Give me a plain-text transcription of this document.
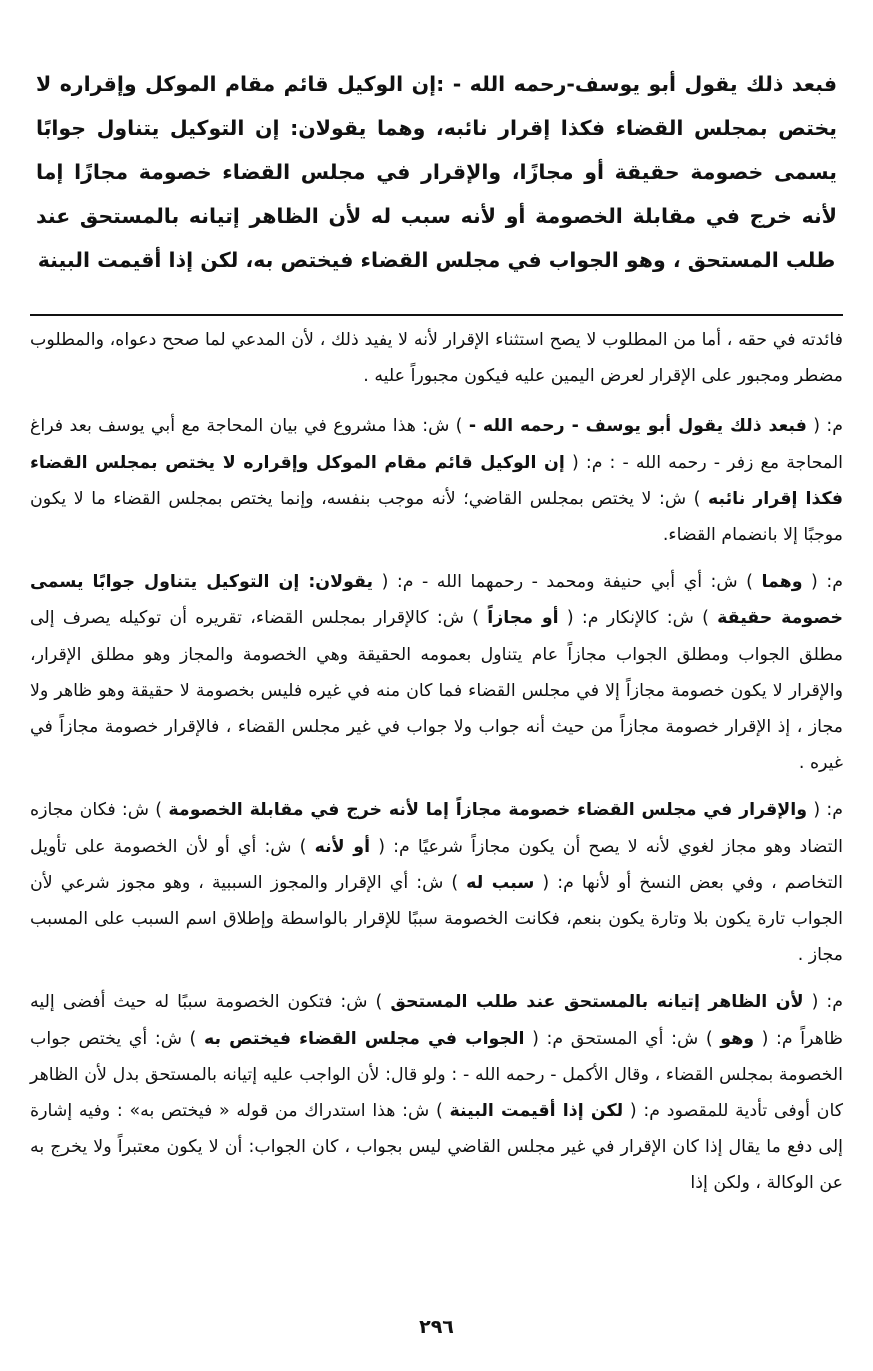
فبعد ذلك يقول أبو يوسف-رحمه الله - :إن الوكيل قائم مقام الموكل وإقراره لا يختص بمجلس القضاء فكذا إقرار نائبه، وهما يقولان: إن التوكيل يتناول جوابًا يسمى خصومة حقيقة أو مجازًا، والإقرار في مجلس القضاء خصومة مجازًا إما لأنه خرج في مقابلة الخصومة أو لأنه سبب له لأن الظاهر إتيانه بالمستحق عند طلب المستحق ، وهو الجواب في مجلس القضاء فيختص به، لكن إذا أقيمت البينة

فائدته في حقه ، أما من المطلوب لا يصح استثناء الإقرار لأنه لا يفيد ذلك ، لأن المدعي لما صحح دعواه، والمطلوب مضطر ومجبور على الإقرار لعرض اليمين عليه فيكون مجبوراً عليه .

م: ( فبعد ذلك يقول أبو يوسف - رحمه الله - ) ش: هذا مشروع في بيان المحاجة مع أبي يوسف بعد فراغ المحاجة مع زفر - رحمه الله - : م: ( إن الوكيل قائم مقام الموكل وإقراره لا يختص بمجلس القضاء فكذا إقرار نائبه ) ش: لا يختص بمجلس القاضي؛ لأنه موجب بنفسه، وإنما يختص بمجلس القضاء ما لا يكون موجبًا إلا بانضمام القضاء.

م: ( وهما ) ش: أي أبي حنيفة ومحمد - رحمهما الله - م: ( يقولان: إن التوكيل يتناول جوابًا يسمى خصومة حقيقة ) ش: كالإنكار م: ( أو مجازاً ) ش: كالإقرار بمجلس القضاء، تقريره أن توكيله يصرف إلى مطلق الجواب ومطلق الجواب مجازاً عام يتناول بعمومه الحقيقة وهي الخصومة والمجاز وهو مطلق الإقرار، والإقرار لا يكون خصومة مجازاً إلا في مجلس القضاء فما كان منه في غيره فليس بخصومة لا حقيقة وهو ظاهر ولا مجاز ، إذ الإقرار خصومة مجازاً من حيث أنه جواب ولا جواب في غير مجلس القضاء ، فالإقرار خصومة مجازاً في غيره .

م: ( والإقرار في مجلس القضاء خصومة مجازاً إما لأنه خرج في مقابلة الخصومة ) ش: فكان مجازه التضاد وهو مجاز لغوي لأنه لا يصح أن يكون مجازاً شرعيًا م: ( أو لأنه ) ش: أي أو لأن الخصومة على تأويل التخاصم ، وفي بعض النسخ أو لأنها م: ( سبب له ) ش: أي الإقرار والمجوز السببية ، وهو مجوز شرعي لأن الجواب تارة يكون بلا وتارة يكون بنعم، فكانت الخصومة سببًا للإقرار بالواسطة وإطلاق اسم السبب على المسبب مجاز .

م: ( لأن الظاهر إتيانه بالمستحق عند طلب المستحق ) ش: فتكون الخصومة سببًا له حيث أفضى إليه ظاهراً م: ( وهو ) ش: أي المستحق م: ( الجواب في مجلس القضاء فيختص به ) ش: أي يختص جواب الخصومة بمجلس القضاء ، وقال الأكمل - رحمه الله - : ولو قال: لأن الواجب عليه إتيانه بالمستحق بدل لأن الظاهر كان أوفى تأدية للمقصود م: ( لكن إذا أقيمت البينة ) ش: هذا استدراك من قوله « فيختص به» : وفيه إشارة إلى دفع ما يقال إذا كان الإقرار في غير مجلس القاضي ليس بجواب ، كان الجواب: أن لا يكون معتبراً ولا يخرج به عن الوكالة ، ولكن إذا

٢٩٦
